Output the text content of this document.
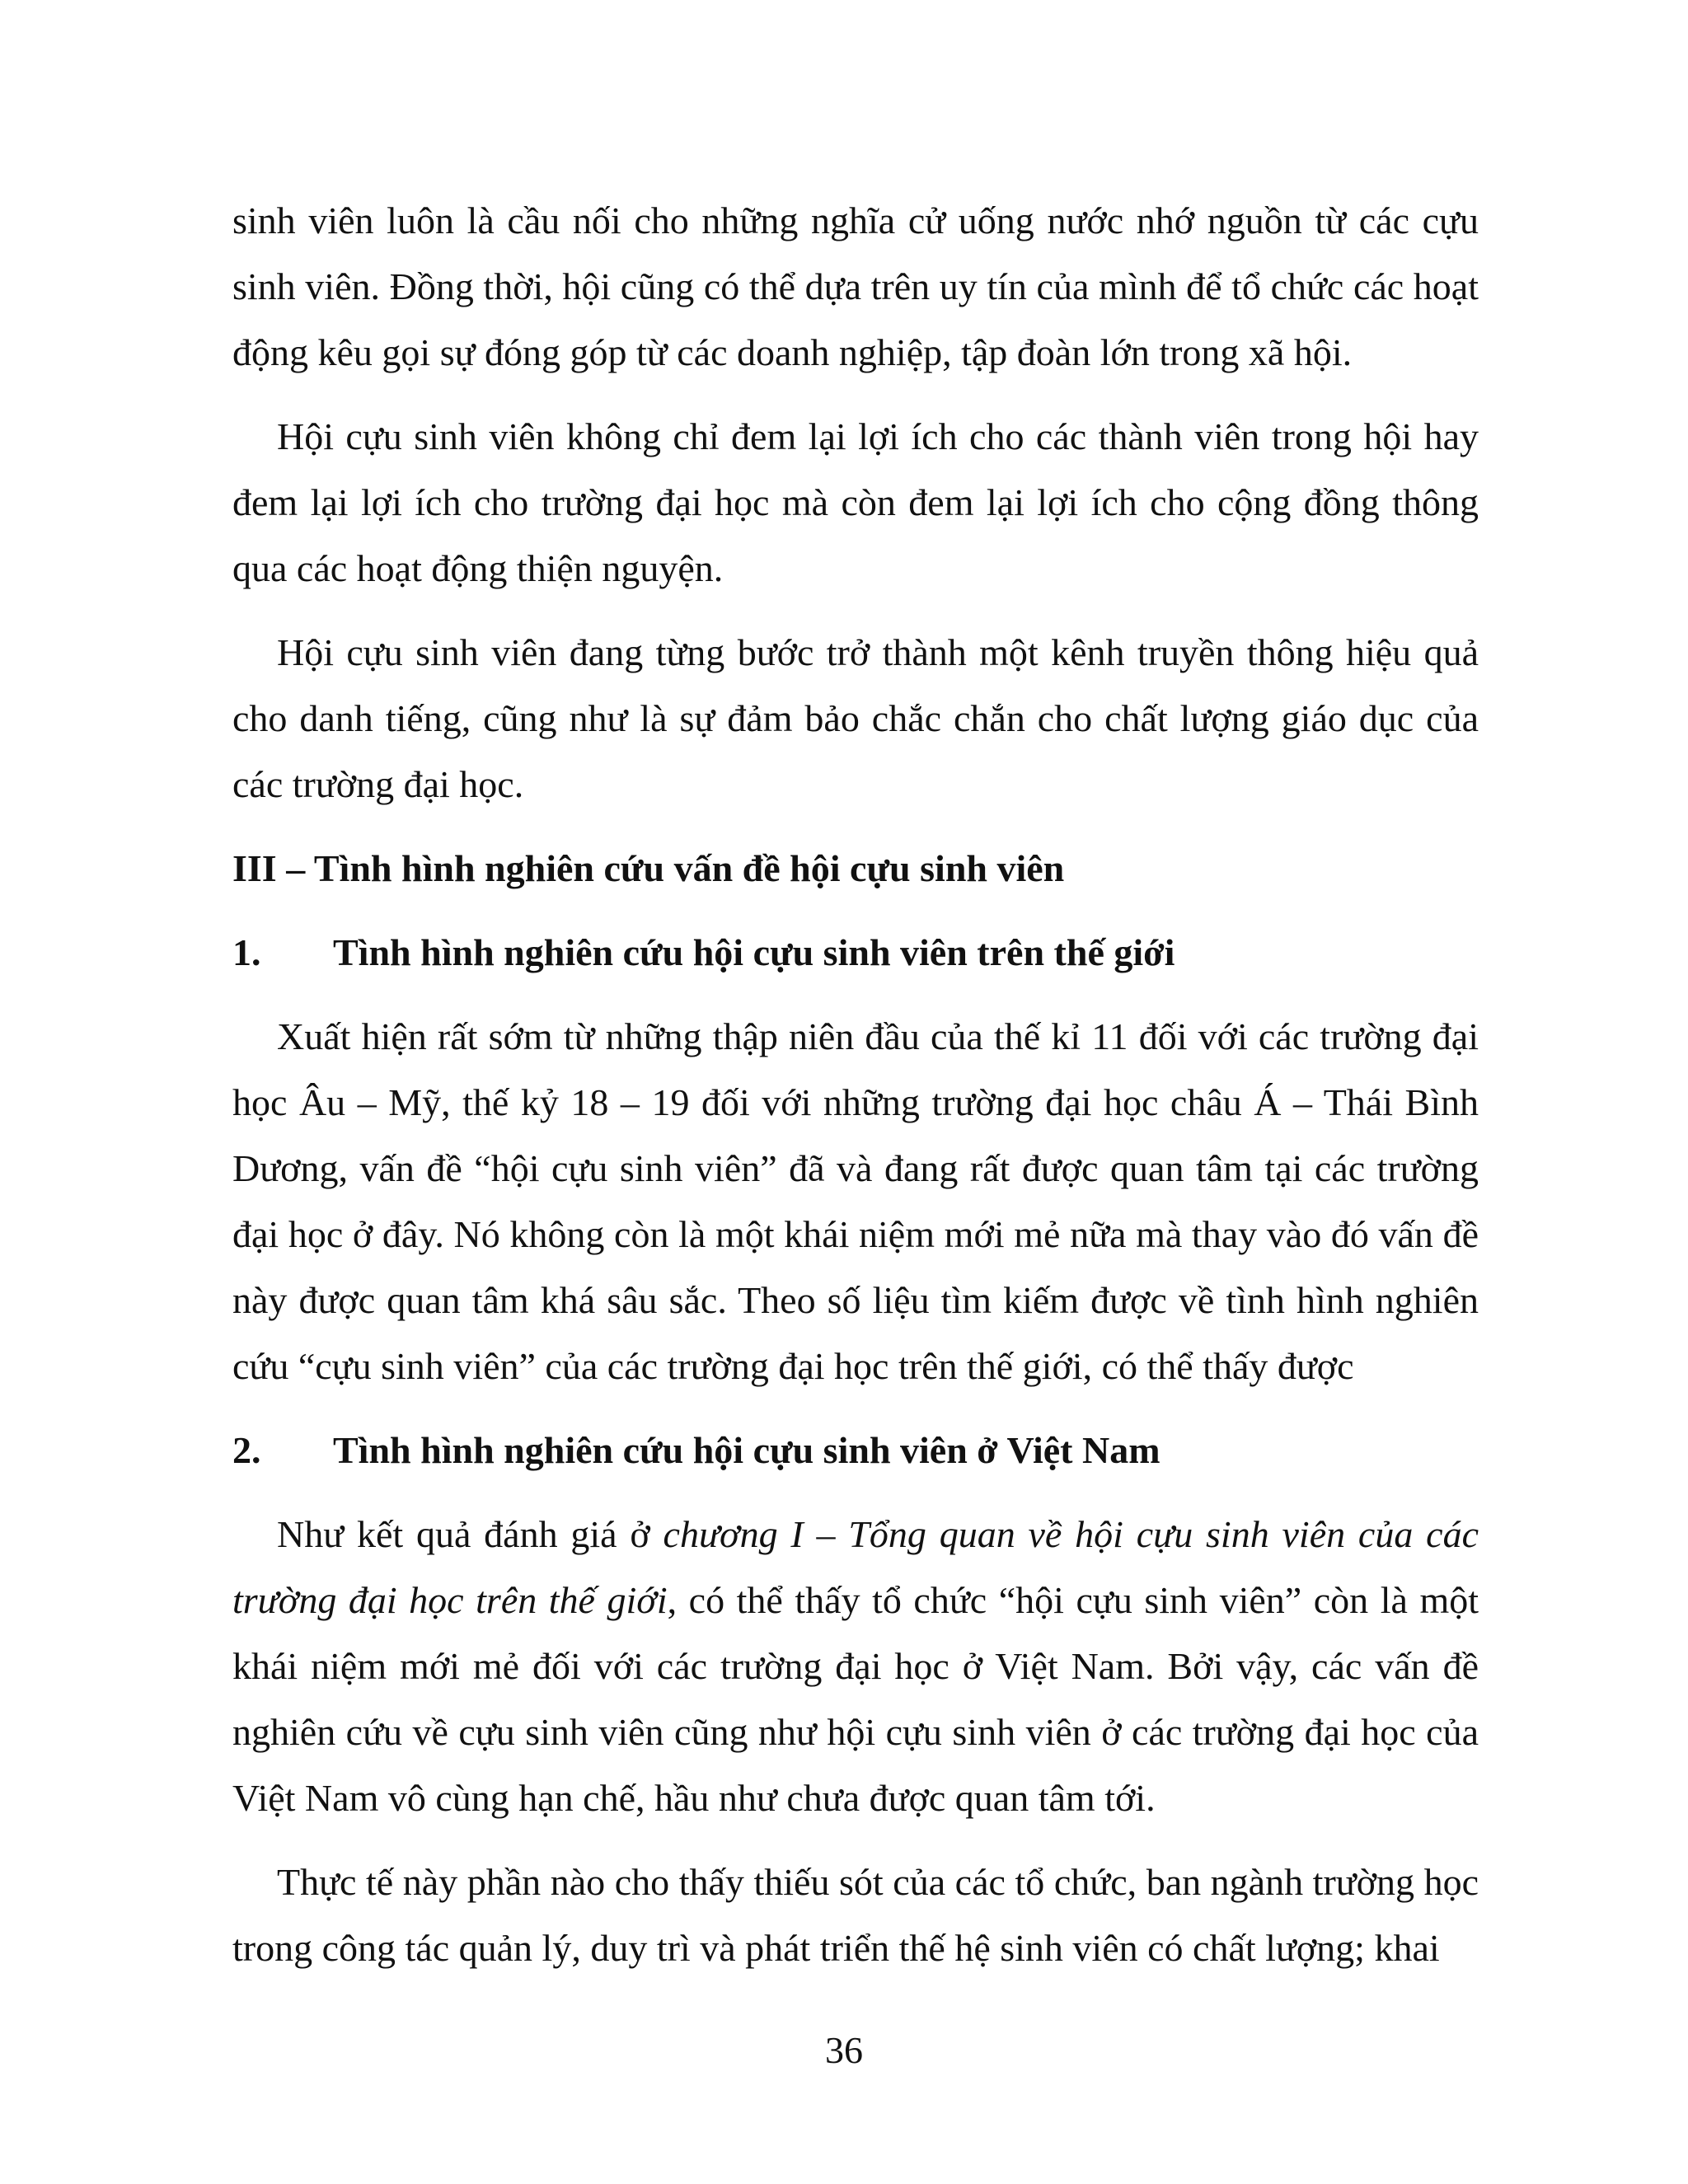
sinh viên luôn là cầu nối cho những nghĩa cử uống nước nhớ nguồn từ các cựu sinh viên. Đồng thời, hội cũng có thể dựa trên uy tín của mình để tổ chức các hoạt động kêu gọi sự đóng góp từ các doanh nghiệp, tập đoàn lớn trong xã hội.

Hội cựu sinh viên không chỉ đem lại lợi ích cho các thành viên trong hội hay đem lại lợi ích cho trường đại học mà còn đem lại lợi ích cho cộng đồng thông qua các hoạt động thiện nguyện.

Hội cựu sinh viên đang từng bước trở thành một kênh truyền thông hiệu quả cho danh tiếng, cũng như là sự đảm bảo chắc chắn cho chất lượng giáo dục của các trường đại học.

III – Tình hình nghiên cứu vấn đề hội cựu sinh viên
1.	Tình hình nghiên cứu hội cựu sinh viên trên thế giới

Xuất hiện rất sớm từ những thập niên đầu của thế kỉ 11 đối với các trường đại học Âu – Mỹ, thế kỷ 18 – 19 đối với những trường đại học châu Á – Thái Bình Dương, vấn đề “hội cựu sinh viên” đã và đang rất được quan tâm tại các trường đại học ở đây. Nó không còn là một khái niệm mới mẻ nữa mà thay vào đó vấn đề này được quan tâm khá sâu sắc. Theo số liệu tìm kiếm được về tình hình nghiên cứu “cựu sinh viên” của các trường đại học trên thế giới, có thể thấy được

2.	Tình hình nghiên cứu hội cựu sinh viên ở Việt Nam

Như kết quả đánh giá ở chương I – Tổng quan về hội cựu sinh viên của các trường đại học trên thế giới, có thể thấy tổ chức “hội cựu sinh viên” còn là một khái niệm mới mẻ đối với các trường đại học ở Việt Nam. Bởi vậy, các vấn đề nghiên cứu về cựu sinh viên cũng như hội cựu sinh viên ở các trường đại học của Việt Nam vô cùng hạn chế, hầu như chưa được quan tâm tới.

Thực tế này phần nào cho thấy thiếu sót của các tổ chức, ban ngành trường học trong công tác quản lý, duy trì và phát triển thế hệ sinh viên có chất lượng; khai

36
